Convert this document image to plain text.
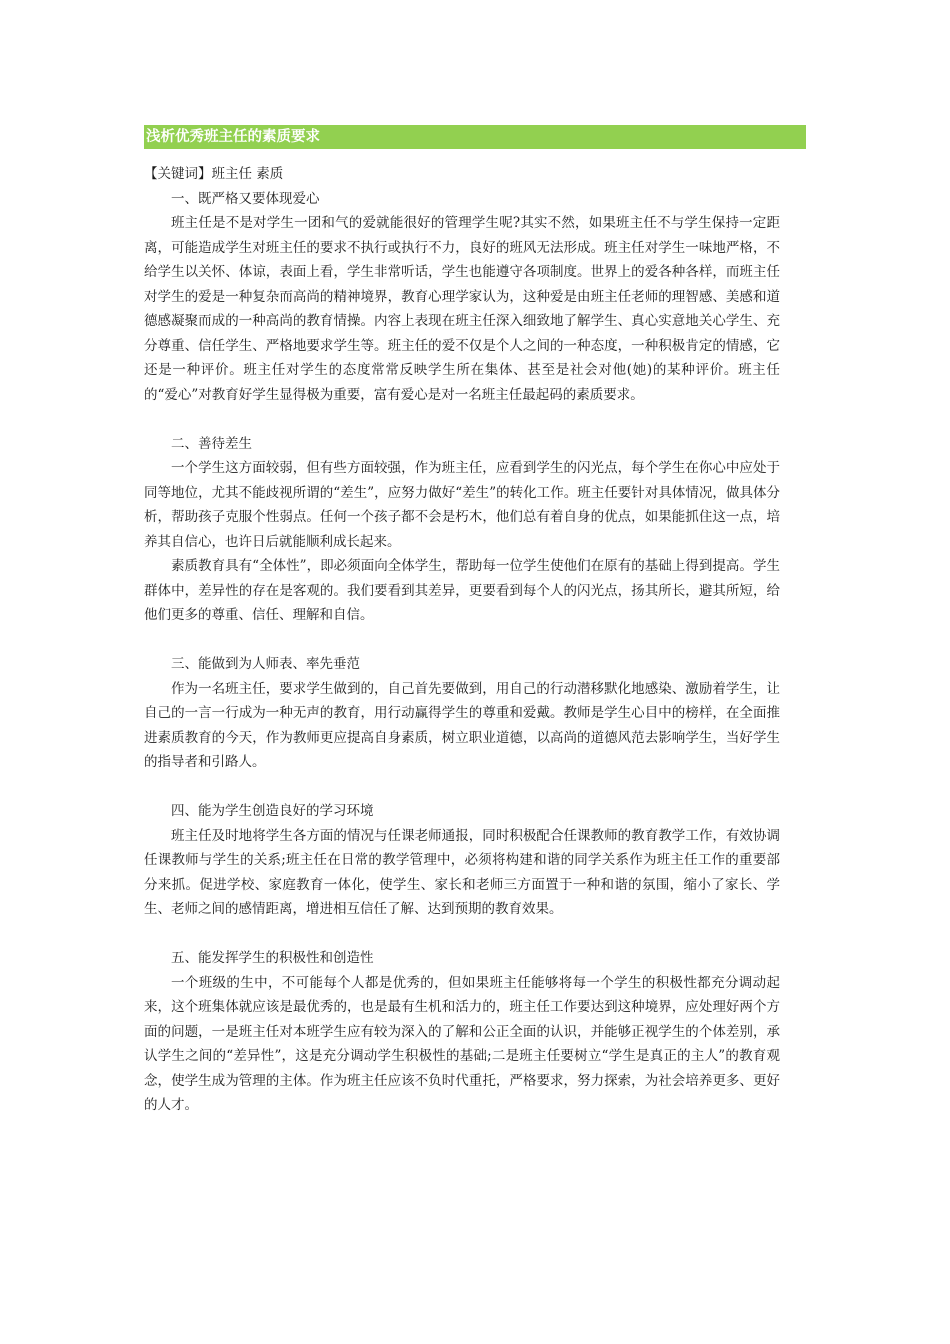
浅析优秀班主任的素质要求

【关键词】班主任 素质

一、既严格又要体现爱心

班主任是不是对学生一团和气的爱就能很好的管理学生呢?其实不然，如果班主任不与学生保持一定距离，可能造成学生对班主任的要求不执行或执行不力，良好的班风无法形成。班主任对学生一味地严格，不给学生以关怀、体谅，表面上看，学生非常听话，学生也能遵守各项制度。世界上的爱各种各样，而班主任对学生的爱是一种复杂而高尚的精神境界，教育心理学家认为，这种爱是由班主任老师的理智感、美感和道德感凝聚而成的一种高尚的教育情操。内容上表现在班主任深入细致地了解学生、真心实意地关心学生、充分尊重、信任学生、严格地要求学生等。班主任的爱不仅是个人之间的一种态度，一种积极肯定的情感，它还是一种评价。班主任对学生的态度常常反映学生所在集体、甚至是社会对他(她)的某种评价。班主任的“爱心”对教育好学生显得极为重要，富有爱心是对一名班主任最起码的素质要求。

二、善待差生

一个学生这方面较弱，但有些方面较强，作为班主任，应看到学生的闪光点，每个学生在你心中应处于同等地位，尤其不能歧视所谓的“差生”，应努力做好“差生”的转化工作。班主任要针对具体情况，做具体分析，帮助孩子克服个性弱点。任何一个孩子都不会是朽木，他们总有着自身的优点，如果能抓住这一点，培养其自信心，也许日后就能顺利成长起来。

素质教育具有“全体性”，即必须面向全体学生，帮助每一位学生使他们在原有的基础上得到提高。学生群体中，差异性的存在是客观的。我们要看到其差异，更要看到每个人的闪光点，扬其所长，避其所短，给他们更多的尊重、信任、理解和自信。

三、能做到为人师表、率先垂范

作为一名班主任，要求学生做到的，自己首先要做到，用自己的行动潜移默化地感染、激励着学生，让自己的一言一行成为一种无声的教育，用行动赢得学生的尊重和爱戴。教师是学生心目中的榜样，在全面推进素质教育的今天，作为教师更应提高自身素质，树立职业道德，以高尚的道德风范去影响学生，当好学生的指导者和引路人。

四、能为学生创造良好的学习环境

班主任及时地将学生各方面的情况与任课老师通报，同时积极配合任课教师的教育教学工作，有效协调任课教师与学生的关系;班主任在日常的教学管理中，必须将构建和谐的同学关系作为班主任工作的重要部分来抓。促进学校、家庭教育一体化，使学生、家长和老师三方面置于一种和谐的氛围，缩小了家长、学生、老师之间的感情距离，增进相互信任了解、达到预期的教育效果。

五、能发挥学生的积极性和创造性

一个班级的生中，不可能每个人都是优秀的，但如果班主任能够将每一个学生的积极性都充分调动起来，这个班集体就应该是最优秀的，也是最有生机和活力的，班主任工作要达到这种境界，应处理好两个方面的问题，一是班主任对本班学生应有较为深入的了解和公正全面的认识，并能够正视学生的个体差别，承认学生之间的“差异性”，这是充分调动学生积极性的基础;二是班主任要树立“学生是真正的主人”的教育观念，使学生成为管理的主体。作为班主任应该不负时代重托，严格要求，努力探索，为社会培养更多、更好的人才。
